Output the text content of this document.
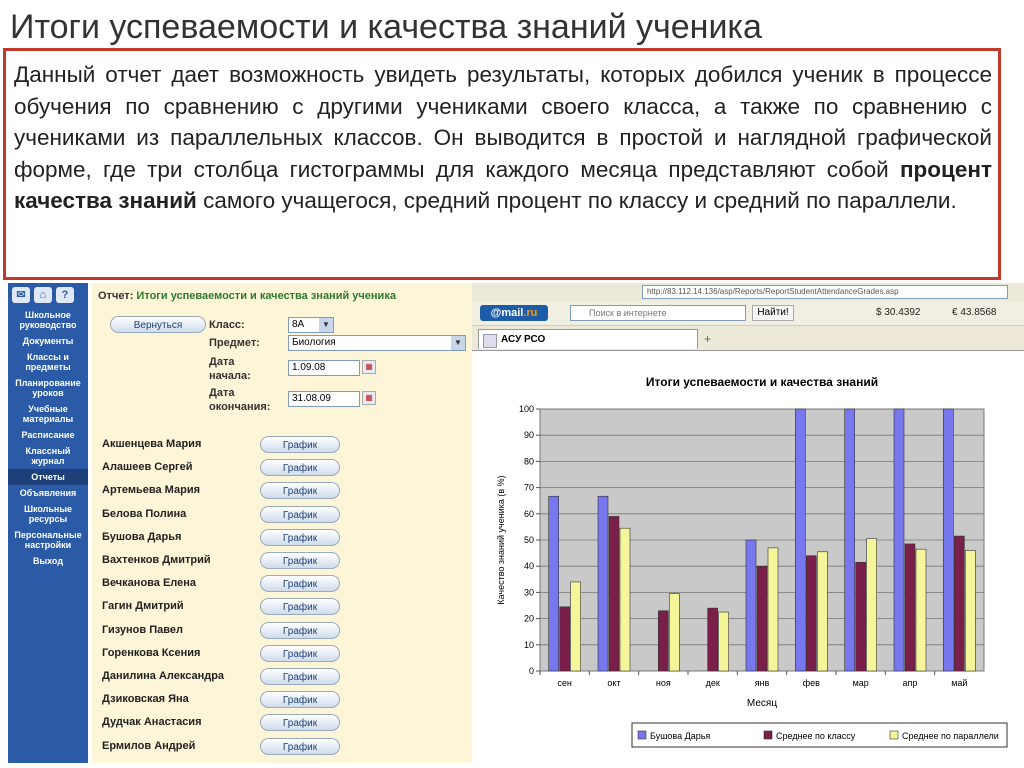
Итоги успеваемости и качества знаний ученика
Данный отчет дает возможность увидеть результаты, которых добился ученик в процессе обучения по сравнению с другими учениками своего класса, а также по сравнению с учениками из параллельных классов. Он выводится в простой и наглядной графической форме, где три столбца гистограммы для каждого месяца представляют собой процент качества знаний самого учащегося, средний процент по классу и средний по параллели.
✉	⌂	?
Школьное руководство
Документы
Классы и предметы
Планирование уроков
Учебные материалы
Расписание
Классный журнал
Отчеты
Объявления
Школьные ресурсы
Персональные настройки
Выход
Отчет: Итоги успеваемости и качества знаний ученика
Вернуться	Класс:	8А	▼
Предмет:	Биология	▼
Дата начала:
1.09.08	▦
Дата окончания:
31.08.09	▦
Акшенцева Мария	График
Алашеев Сергей	График
Артемьева Мария	График
Белова Полина	График
Бушова Дарья	График
Вахтенков Дмитрий	График
Вечканова Елена	График
Гагин Дмитрий	График
Гизунов Павел	График
Горенкова Ксения	График
Данилина Александра	График
Дзиковская Яна	График
Дудчак Анастасия	График
Ермилов Андрей	График
http://83.112.14.136/asp/Reports/ReportStudentAttendanceGrades.asp
@mail.ru	Поиск в интернете	Найти!	$ 30.4392	€ 43.8568
АСУ РСО	+
Итоги успеваемости и качества знаний
0
10
20
30
40
50
60
70
80
90
100
сен	окт	ноя	дек	янв	фев	мар	апр	май
Месяц
Качество знаний ученика (в %)
Бушова Дарья	Среднее по классу	Среднее по параллели
